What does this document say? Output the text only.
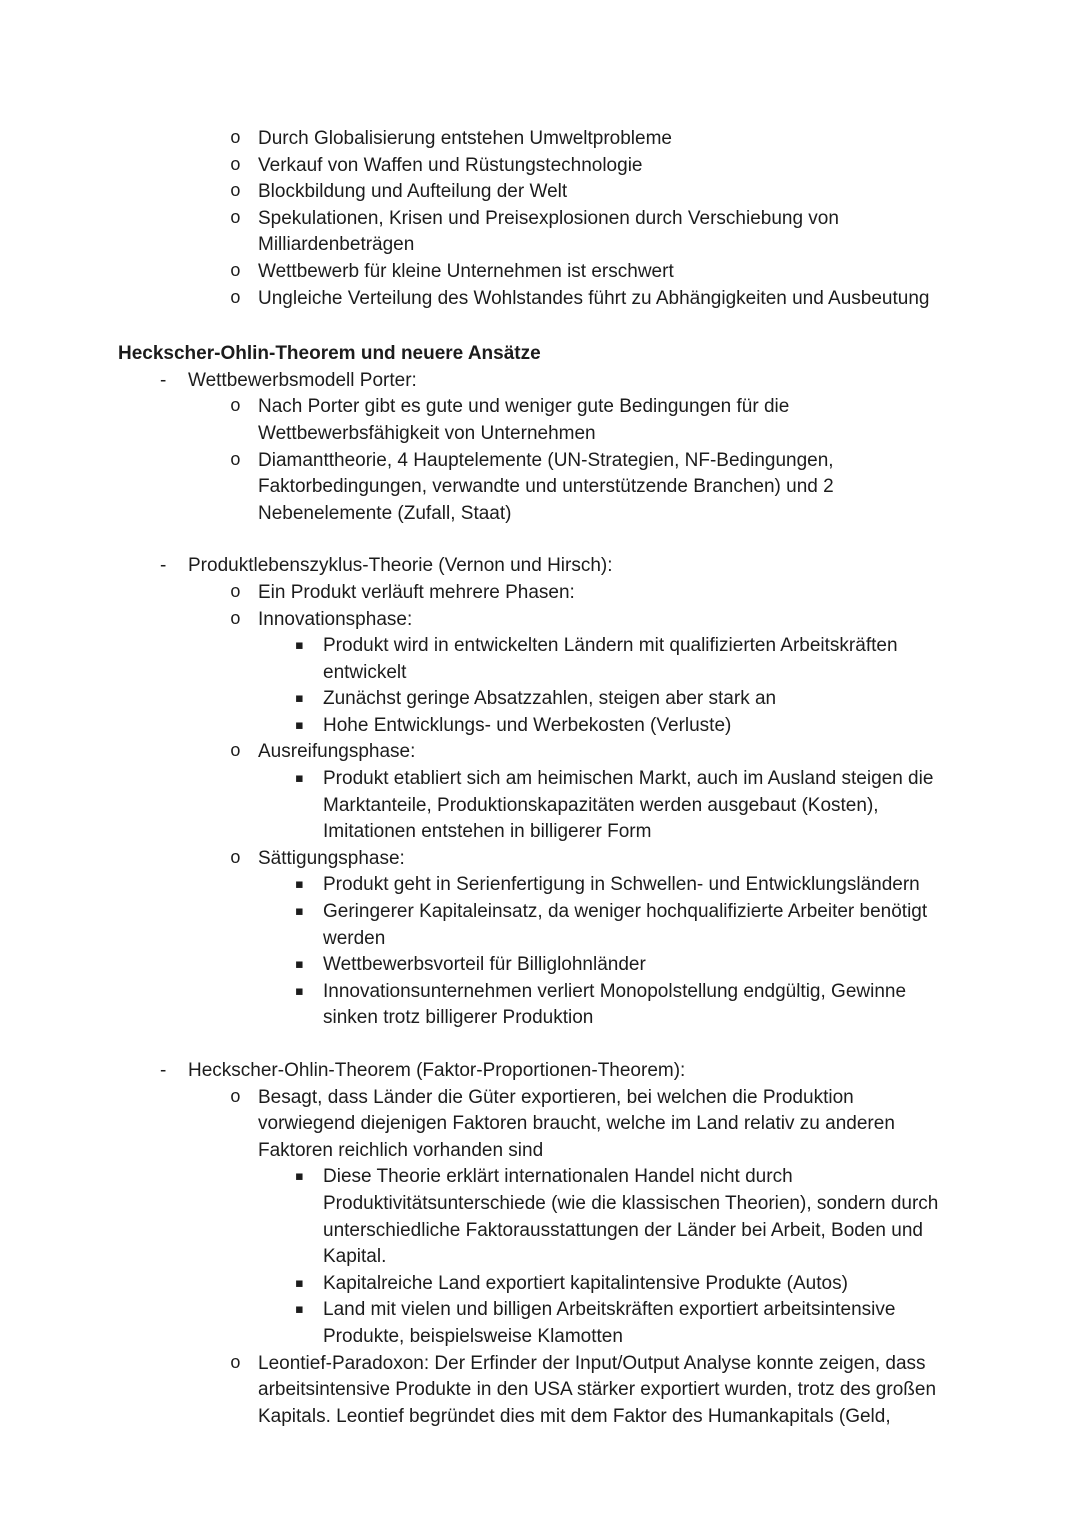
o Durch Globalisierung entstehen Umweltprobleme
o Verkauf von Waffen und Rüstungstechnologie
o Blockbildung und Aufteilung der Welt
o Spekulationen, Krisen und Preisexplosionen durch Verschiebung von
Milliardenbeträgen
o Wettbewerb für kleine Unternehmen ist erschwert
o Ungleiche Verteilung des Wohlstandes führt zu Abhängigkeiten und Ausbeutung
Heckscher-Ohlin-Theorem und neuere Ansätze
-	Wettbewerbsmodell Porter:
o Nach Porter gibt es gute und weniger gute Bedingungen für die
Wettbewerbsfähigkeit von Unternehmen
o Diamanttheorie, 4 Hauptelemente (UN-Strategien, NF-Bedingungen,
Faktorbedingungen, verwandte und unterstützende Branchen) und 2
Nebenelemente (Zufall, Staat)
-	Produktlebenszyklus-Theorie (Vernon und Hirsch):
o Ein Produkt verläuft mehrere Phasen:
o Innovationsphase:
▪	Produkt wird in entwickelten Ländern mit qualifizierten Arbeitskräften
entwickelt
▪	Zunächst geringe Absatzzahlen, steigen aber stark an
▪	Hohe Entwicklungs- und Werbekosten (Verluste)
o Ausreifungsphase:
▪	Produkt etabliert sich am heimischen Markt, auch im Ausland steigen die
Marktanteile, Produktionskapazitäten werden ausgebaut (Kosten),
Imitationen entstehen in billigerer Form
o Sättigungsphase:
▪	Produkt geht in Serienfertigung in Schwellen- und Entwicklungsländern
▪	Geringerer Kapitaleinsatz, da weniger hochqualifizierte Arbeiter benötigt
werden
▪	Wettbewerbsvorteil für Billiglohnländer
▪	Innovationsunternehmen verliert Monopolstellung endgültig, Gewinne
sinken trotz billigerer Produktion
-	Heckscher-Ohlin-Theorem (Faktor-Proportionen-Theorem):
o Besagt, dass Länder die Güter exportieren, bei welchen die Produktion
vorwiegend diejenigen Faktoren braucht, welche im Land relativ zu anderen
Faktoren reichlich vorhanden sind
▪	Diese Theorie erklärt internationalen Handel nicht durch
Produktivitätsunterschiede (wie die klassischen Theorien), sondern durch
unterschiedliche Faktorausstattungen der Länder bei Arbeit, Boden und
Kapital.
▪	Kapitalreiche Land exportiert kapitalintensive Produkte (Autos)
▪	Land mit vielen und billigen Arbeitskräften exportiert arbeitsintensive
Produkte, beispielsweise Klamotten
o Leontief-Paradoxon: Der Erfinder der Input/Output Analyse konnte zeigen, dass
arbeitsintensive Produkte in den USA stärker exportiert wurden, trotz des großen
Kapitals. Leontief begründet dies mit dem Faktor des Humankapitals (Geld,
